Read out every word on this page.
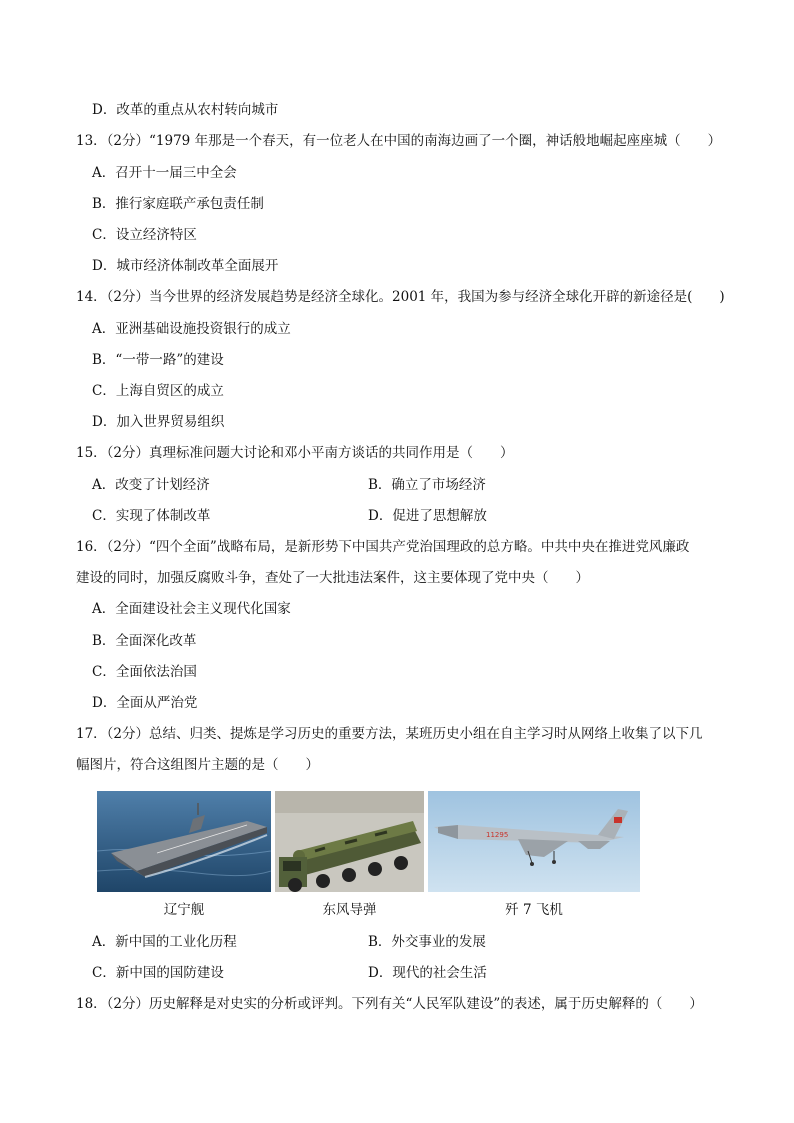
D．改革的重点从农村转向城市
13．（2分）“1979 年那是一个春天，有一位老人在中国的南海边画了一个圈，神话般地崛起座座城（　　）
A．召开十一届三中全会
B．推行家庭联产承包责任制
C．设立经济特区
D．城市经济体制改革全面展开
14．（2分）当今世界的经济发展趋势是经济全球化。2001 年，我国为参与经济全球化开辟的新途径是(　　)
A．亚洲基础设施投资银行的成立
B．“一带一路”的建设
C．上海自贸区的成立
D．加入世界贸易组织
15．（2分）真理标准问题大讨论和邓小平南方谈话的共同作用是（　　）
A．改变了计划经济	B．确立了市场经济
C．实现了体制改革	D．促进了思想解放
16．（2分）“四个全面”战略布局，是新形势下中国共产党治国理政的总方略。中共中央在推进党风廉政
建设的同时，加强反腐败斗争，查处了一大批违法案件，这主要体现了党中央（　　）
A．全面建设社会主义现代化国家
B．全面深化改革
C．全面依法治国
D．全面从严治党
17．（2分）总结、归类、提炼是学习历史的重要方法，某班历史小组在自主学习时从网络上收集了以下几
幅图片，符合这组图片主题的是（　　）
辽宁舰	东风导弹
11295
歼 7 飞机
A．新中国的工业化历程	B．外交事业的发展
C．新中国的国防建设	D．现代的社会生活
18．（2分）历史解释是对史实的分析或评判。下列有关“人民军队建设”的表述，属于历史解释的（　　）
